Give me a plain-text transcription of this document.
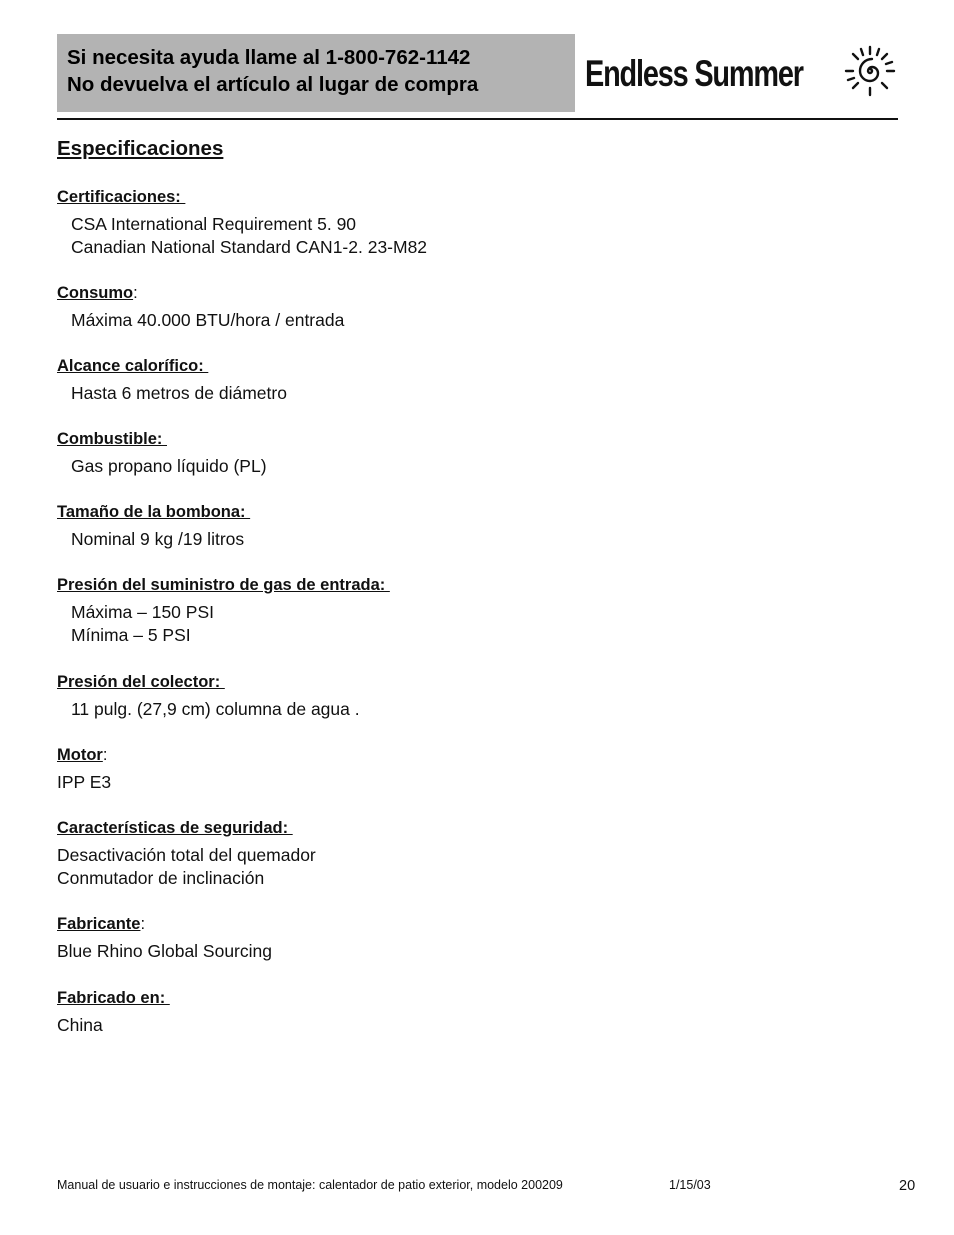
Si necesita ayuda llame al 1-800-762-1142
No devuelva el artículo al lugar de compra	Endless Summer
Especificaciones
Certificaciones:
CSA International Requirement 5. 90
Canadian National Standard CAN1-2. 23-M82
Consumo:
Máxima 40.000 BTU/hora / entrada
Alcance calorífico:
Hasta 6 metros de diámetro
Combustible:
Gas propano líquido (PL)
Tamaño de la bombona:
Nominal 9 kg /19 litros
Presión del suministro de gas de entrada:
Máxima – 150 PSI
Mínima – 5 PSI
Presión del colector:
11 pulg. (27,9 cm) columna de agua .
Motor:
IPP E3
Características de seguridad:
Desactivación total del quemador
Conmutador de inclinación
Fabricante:
Blue Rhino Global Sourcing
Fabricado en:
China
Manual de usuario e instrucciones de montaje: calentador de patio exterior, modelo 200209	1/15/03	20
